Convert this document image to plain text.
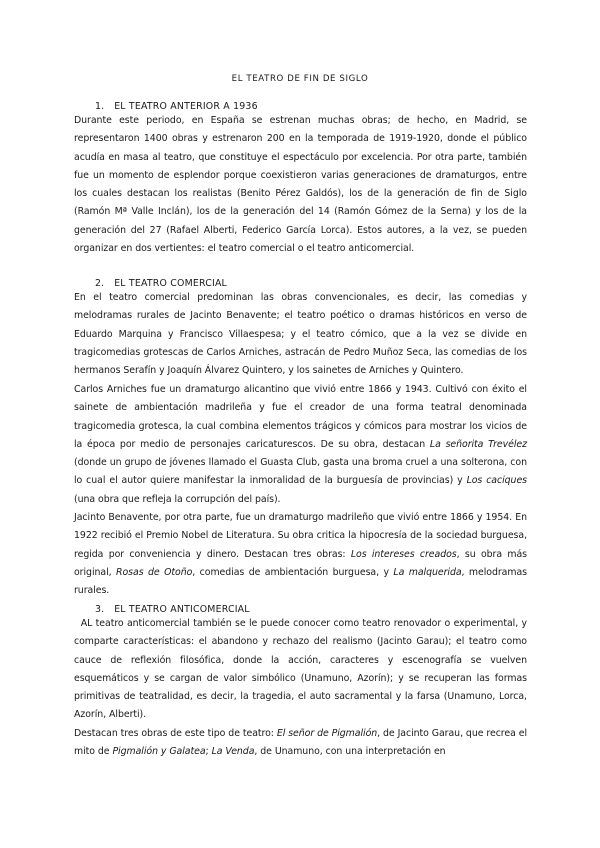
EL TEATRO DE FIN DE SIGLO
1. EL TEATRO ANTERIOR A 1936
Durante este periodo, en España se estrenan muchas obras; de hecho, en Madrid, se representaron 1400 obras y estrenaron 200 en la temporada de 1919-1920, donde el público acudía en masa al teatro, que constituye el espectáculo por excelencia. Por otra parte, también fue un momento de esplendor porque coexistieron varias generaciones de dramaturgos, entre los cuales destacan los realistas (Benito Pérez Galdós), los de la generación de fin de Siglo (Ramón Mª Valle Inclán), los de la generación del 14 (Ramón Gómez de la Serna) y los de la generación del 27 (Rafael Alberti, Federico García Lorca). Estos autores, a la vez, se pueden organizar en dos vertientes: el teatro comercial o el teatro anticomercial.
2. EL TEATRO COMERCIAL
En el teatro comercial predominan las obras convencionales, es decir, las comedias y melodramas rurales de Jacinto Benavente; el teatro poético o dramas históricos en verso de Eduardo Marquina y Francisco Villaespesa; y el teatro cómico, que a la vez se divide en tragicomedias grotescas de Carlos Arniches, astracán de Pedro Muñoz Seca, las comedias de los hermanos Serafín y Joaquín Álvarez Quintero, y los sainetes de Arniches y Quintero.
Carlos Arniches fue un dramaturgo alicantino que vivió entre 1866 y 1943. Cultivó con éxito el sainete de ambientación madrileña y fue el creador de una forma teatral denominada tragicomedia grotesca, la cual combina elementos trágicos y cómicos para mostrar los vicios de la época por medio de personajes caricaturescos. De su obra, destacan La señorita Trevélez (donde un grupo de jóvenes llamado el Guasta Club, gasta una broma cruel a una solterona, con lo cual el autor quiere manifestar la inmoralidad de la burguesía de provincias) y Los caciques (una obra que refleja la corrupción del país).
Jacinto Benavente, por otra parte, fue un dramaturgo madrileño que vivió entre 1866 y 1954. En 1922 recibió el Premio Nobel de Literatura. Su obra critica la hipocresía de la sociedad burguesa, regida por conveniencia y dinero. Destacan tres obras: Los intereses creados, su obra más original, Rosas de Otoño, comedias de ambientación burguesa, y La malquerida, melodramas rurales.
3. EL TEATRO ANTICOMERCIAL
AL teatro anticomercial también se le puede conocer como teatro renovador o experimental, y comparte características: el abandono y rechazo del realismo (Jacinto Garau); el teatro como cauce de reflexión filosófica, donde la acción, caracteres y escenografía se vuelven esquemáticos y se cargan de valor simbólico (Unamuno, Azorín); y se recuperan las formas primitivas de teatralidad, es decir, la tragedia, el auto sacramental y la farsa (Unamuno, Lorca, Azorín, Alberti).
Destacan tres obras de este tipo de teatro: El señor de Pigmalión, de Jacinto Garau, que recrea el mito de Pigmalión y Galatea; La Venda, de Unamuno, con una interpretación en
